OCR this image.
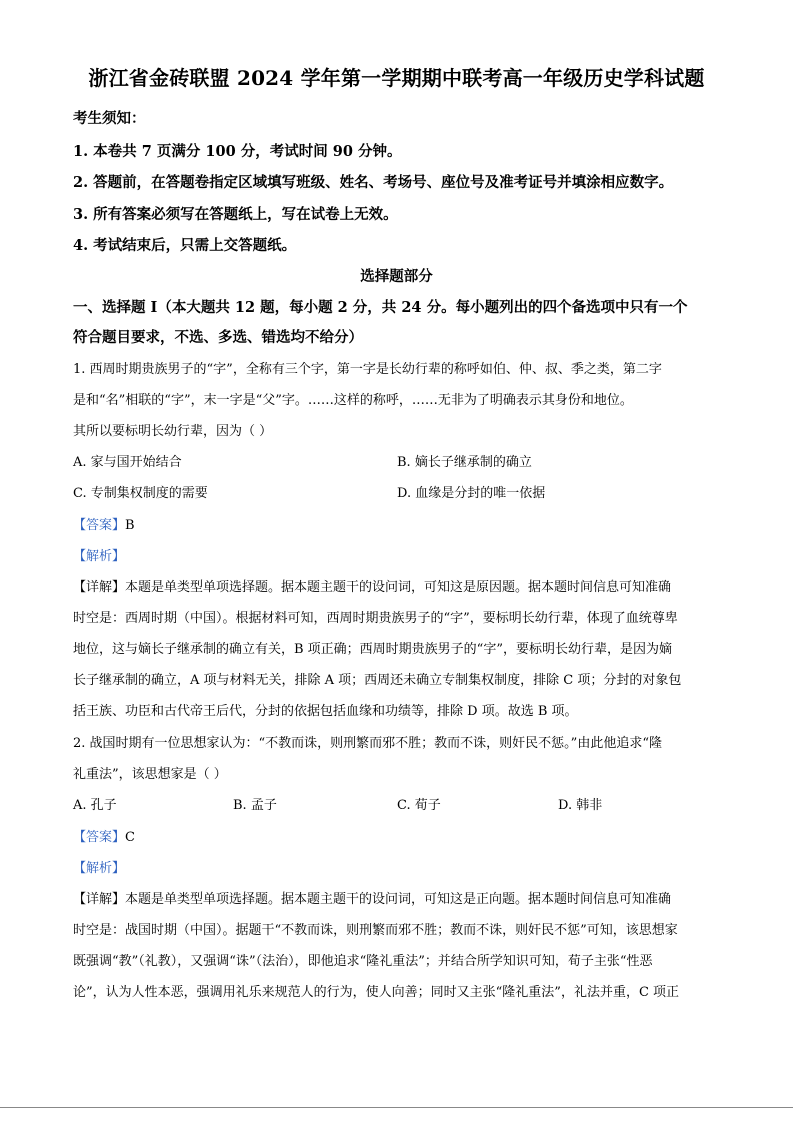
浙江省金砖联盟 2024 学年第一学期期中联考高一年级历史学科试题
考生须知：
1. 本卷共 7 页满分 100 分，考试时间 90 分钟。
2. 答题前，在答题卷指定区域填写班级、姓名、考场号、座位号及准考证号并填涂相应数字。
3. 所有答案必须写在答题纸上，写在试卷上无效。
4. 考试结束后，只需上交答题纸。
选择题部分
一、选择题 I（本大题共 12 题，每小题 2 分，共 24 分。每小题列出的四个备选项中只有一个
符合题目要求，不选、多选、错选均不给分）
1. 西周时期贵族男子的“字”，全称有三个字，第一字是长幼行辈的称呼如伯、仲、叔、季之类，第二字
是和“名”相联的“字”，末一字是“父”字。……这样的称呼，……无非为了明确表示其身份和地位。
其所以要标明长幼行辈，因为（ ）
A. 家与国开始结合	B. 嫡长子继承制的确立
C. 专制集权制度的需要	D. 血缘是分封的唯一依据
【答案】B
【解析】
【详解】本题是单类型单项选择题。据本题主题干的设问词，可知这是原因题。据本题时间信息可知准确
时空是：西周时期（中国）。根据材料可知，西周时期贵族男子的“字”，要标明长幼行辈，体现了血统尊卑
地位，这与嫡长子继承制的确立有关，B 项正确；西周时期贵族男子的“字”，要标明长幼行辈，是因为嫡
长子继承制的确立，A 项与材料无关，排除 A 项；西周还未确立专制集权制度，排除 C 项；分封的对象包
括王族、功臣和古代帝王后代，分封的依据包括血缘和功绩等，排除 D 项。故选 B 项。
2. 战国时期有一位思想家认为：“不教而诛，则刑繁而邪不胜；教而不诛，则奸民不惩。”由此他追求“隆
礼重法”，该思想家是（ ）
A. 孔子	B. 孟子	C. 荀子	D. 韩非
【答案】C
【解析】
【详解】本题是单类型单项选择题。据本题主题干的设问词，可知这是正向题。据本题时间信息可知准确
时空是：战国时期（中国）。据题干“不教而诛，则刑繁而邪不胜；教而不诛，则奸民不惩”可知，该思想家
既强调“教”（礼教），又强调“诛”（法治），即他追求“隆礼重法”；并结合所学知识可知，荀子主张“性恶
论”，认为人性本恶，强调用礼乐来规范人的行为，使人向善；同时又主张“隆礼重法”，礼法并重，C 项正
